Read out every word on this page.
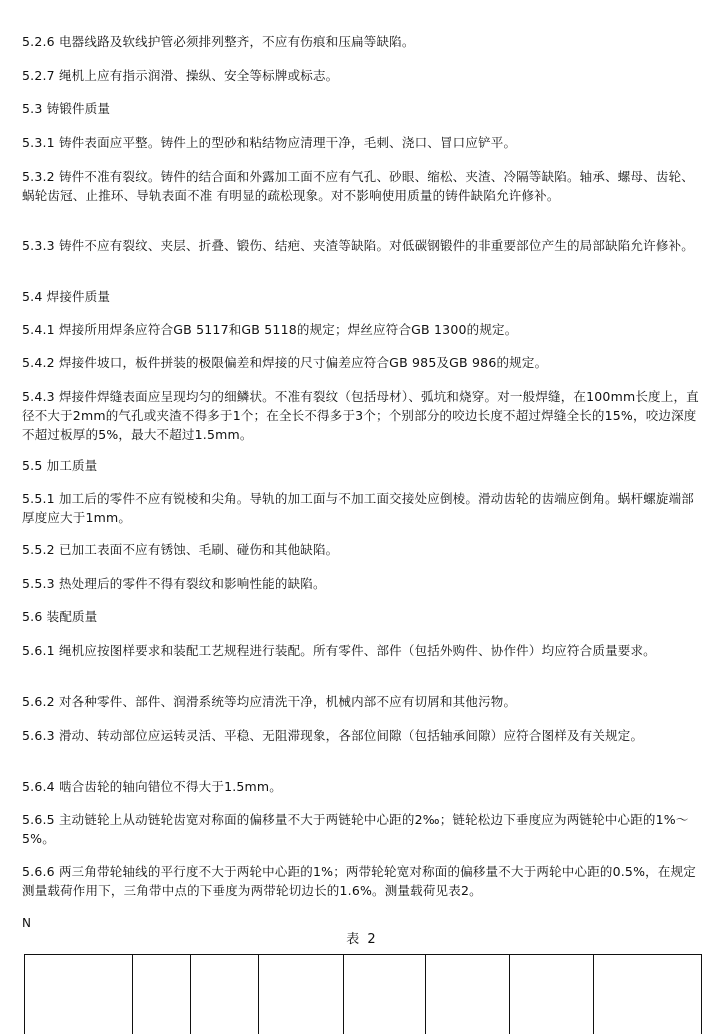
5.2.6 电器线路及软线护管必须排列整齐，不应有伤痕和压扁等缺陷。
5.2.7 绳机上应有指示润滑、操纵、安全等标牌或标志。
5.3 铸锻件质量
5.3.1 铸件表面应平整。铸件上的型砂和粘结物应清理干净，毛刺、浇口、冒口应铲平。
5.3.2 铸件不准有裂纹。铸件的结合面和外露加工面不应有气孔、砂眼、缩松、夹渣、冷隔等缺陷。轴承、螺母、齿轮、蜗轮齿冠、止推环、导轨表面不准 有明显的疏松现象。对不影响使用质量的铸件缺陷允许修补。
5.3.3 铸件不应有裂纹、夹层、折叠、锻伤、结疤、夹渣等缺陷。对低碳钢锻件的非重要部位产生的局部缺陷允许修补。
5.4 焊接件质量
5.4.1 焊接所用焊条应符合GB 5117和GB 5118的规定；焊丝应符合GB 1300的规定。
5.4.2 焊接件坡口，板件拼装的极限偏差和焊接的尺寸偏差应符合GB 985及GB 986的规定。
5.4.3 焊接件焊缝表面应呈现均匀的细鳞状。不准有裂纹（包括母材）、弧坑和烧穿。对一般焊缝，在100mm长度上，直径不大于2mm的气孔或夹渣不得多于1个；在全长不得多于3个；个别部分的咬边长度不超过焊缝全长的15%，咬边深度不超过板厚的5%，最大不超过1.5mm。
5.5 加工质量
5.5.1 加工后的零件不应有锐棱和尖角。导轨的加工面与不加工面交接处应倒棱。滑动齿轮的齿端应倒角。蜗杆螺旋端部厚度应大于1mm。
5.5.2 已加工表面不应有锈蚀、毛刷、碰伤和其他缺陷。
5.5.3 热处理后的零件不得有裂纹和影响性能的缺陷。
5.6 装配质量
5.6.1 绳机应按图样要求和装配工艺规程进行装配。所有零件、部件（包括外购件、协作件）均应符合质量要求。
5.6.2 对各种零件、部件、润滑系统等均应清洗干净，机械内部不应有切屑和其他污物。
5.6.3 滑动、转动部位应运转灵活、平稳、无阻滞现象，各部位间隙（包括轴承间隙）应符合图样及有关规定。
5.6.4 啮合齿轮的轴向错位不得大于1.5mm。
5.6.5 主动链轮上从动链轮齿宽对称面的偏移量不大于两链轮中心距的2‰；链轮松边下垂度应为两链轮中心距的1%～5%。
5.6.6 两三角带轮轴线的平行度不大于两轮中心距的1%；两带轮轮宽对称面的偏移量不大于两轮中心距的0.5%，在规定测量载荷作用下，三角带中点的下垂度为两带轮切边长的1.6%。测量载荷见表2。
N
表 2
